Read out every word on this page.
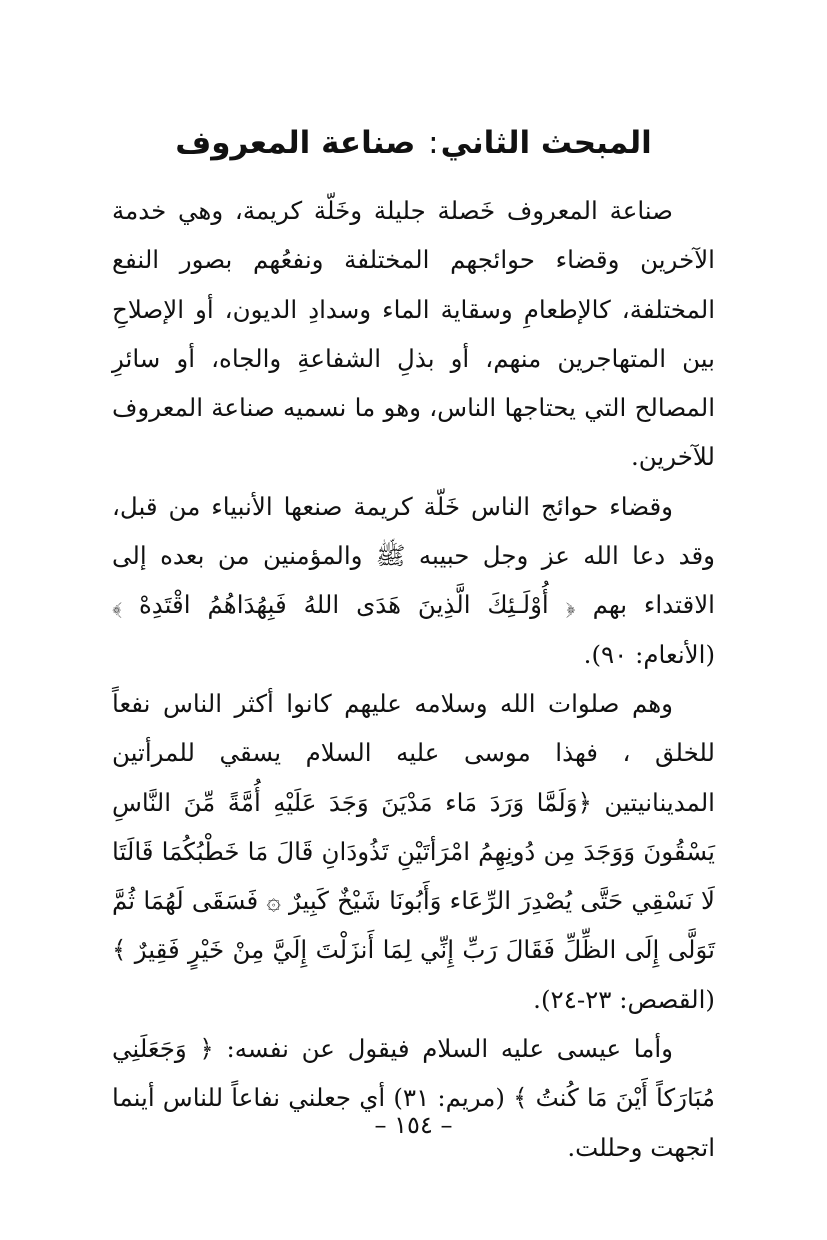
المبحث الثاني: صناعة المعروف

صناعة المعروف خَصلة جليلة وخَلّة كريمة، وهي خدمة الآخرين وقضاء حوائجهم المختلفة ونفعُهم بصور النفع المختلفة، كالإطعامِ وسقاية الماء وسدادِ الديون، أو الإصلاحِ بين المتهاجرين منهم، أو بذلِ الشفاعةِ والجاه، أو سائرِ المصالح التي يحتاجها الناس، وهو ما نسميه صناعة المعروف للآخرين.

وقضاء حوائج الناس خَلّة كريمة صنعها الأنبياء من قبل، وقد دعا الله عز وجل حبيبه ﷺ والمؤمنين من بعده إلى الاقتداء بهم ﴿ أُوْلَـئِكَ الَّذِينَ هَدَى اللهُ فَبِهُدَاهُمُ اقْتَدِهْ ﴾ (الأنعام: ٩٠).

وهم صلوات الله وسلامه عليهم كانوا أكثر الناس نفعاً للخلق ، فهذا موسى عليه السلام يسقي للمرأتين المدينانيتين ﴿وَلَمَّا وَرَدَ مَاء مَدْيَنَ وَجَدَ عَلَيْهِ أُمَّةً مِّنَ النَّاسِ يَسْقُونَ وَوَجَدَ مِن دُونِهِمُ امْرَأتَيْنِ تَذُودَانِ قَالَ مَا خَطْبُكُمَا قَالَتَا لَا نَسْقِي حَتَّى يُصْدِرَ الرِّعَاء وَأَبُونَا شَيْخٌ كَبِيرٌ ۞ فَسَقَى لَهُمَا ثُمَّ تَوَلَّى إِلَى الظِّلِّ فَقَالَ رَبِّ إِنِّي لِمَا أَنزَلْتَ إِلَيَّ مِنْ خَيْرٍ فَقِيرٌ ﴾ (القصص: ٢٣-٢٤).

وأما عيسى عليه السلام فيقول عن نفسه: ﴿ وَجَعَلَنِي مُبَارَكاً أَيْنَ مَا كُنتُ ﴾ (مريم: ٣١) أي جعلني نفاعاً للناس أينما اتجهت وحللت.

– ١٥٤ –
